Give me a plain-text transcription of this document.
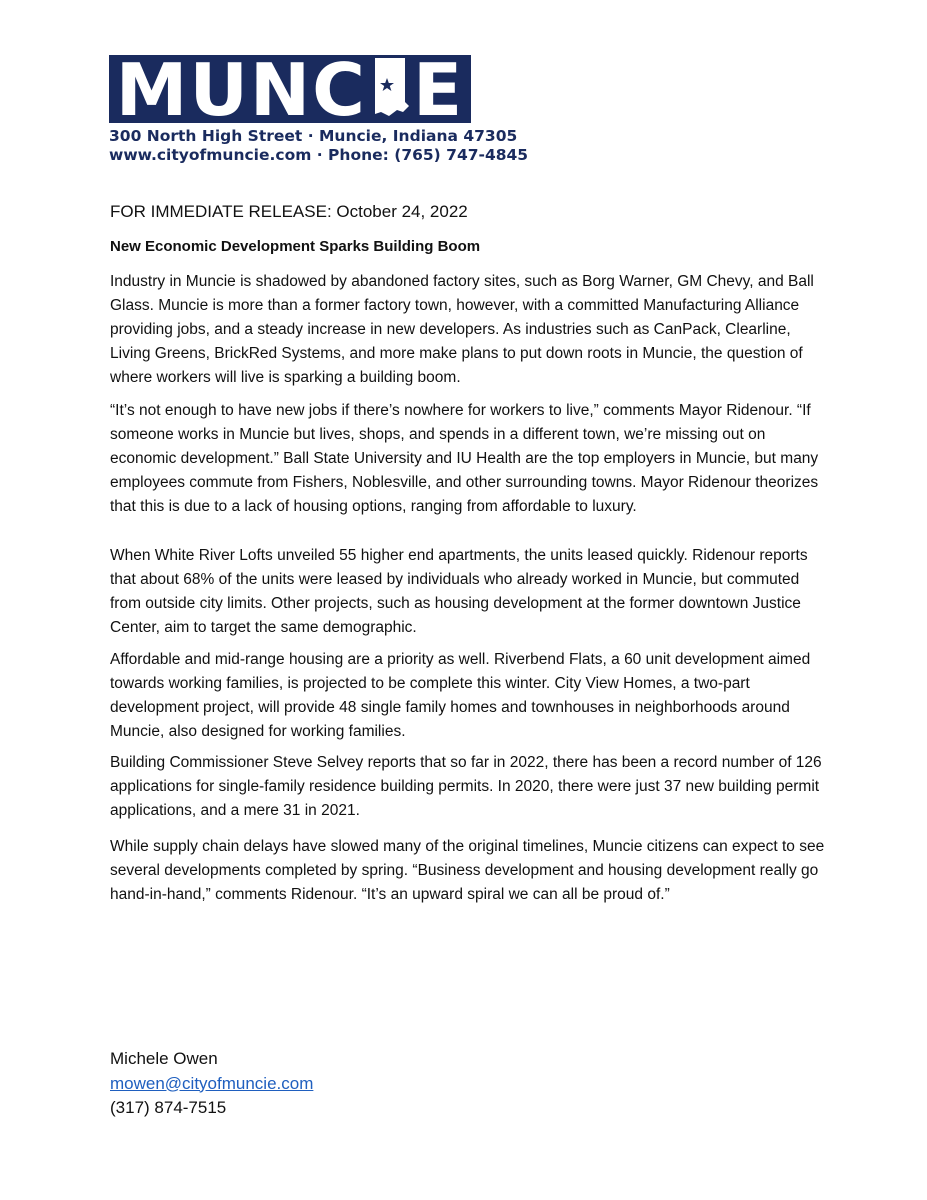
MUNC E
300 North High Street · Muncie, Indiana 47305
www.cityofmuncie.com · Phone: (765) 747-4845

FOR IMMEDIATE RELEASE: October 24, 2022

New Economic Development Sparks Building Boom

Industry in Muncie is shadowed by abandoned factory sites, such as Borg Warner, GM Chevy, and Ball Glass. Muncie is more than a former factory town, however, with a committed Manufacturing Alliance providing jobs, and a steady increase in new developers. As industries such as CanPack, Clearline, Living Greens, BrickRed Systems, and more make plans to put down roots in Muncie, the question of where workers will live is sparking a building boom.

“It’s not enough to have new jobs if there’s nowhere for workers to live,” comments Mayor Ridenour. “If someone works in Muncie but lives, shops, and spends in a different town, we’re missing out on economic development.” Ball State University and IU Health are the top employers in Muncie, but many employees commute from Fishers, Noblesville, and other surrounding towns. Mayor Ridenour theorizes that this is due to a lack of housing options, ranging from affordable to luxury.

When White River Lofts unveiled 55 higher end apartments, the units leased quickly. Ridenour reports that about 68% of the units were leased by individuals who already worked in Muncie, but commuted from outside city limits. Other projects, such as housing development at the former downtown Justice Center, aim to target the same demographic.

Affordable and mid-range housing are a priority as well. Riverbend Flats, a 60 unit development aimed towards working families, is projected to be complete this winter. City View Homes, a two-part development project, will provide 48 single family homes and townhouses in neighborhoods around Muncie, also designed for working families.

Building Commissioner Steve Selvey reports that so far in 2022, there has been a record number of 126 applications for single-family residence building permits. In 2020, there were just 37 new building permit applications, and a mere 31 in 2021.

While supply chain delays have slowed many of the original timelines, Muncie citizens can expect to see several developments completed by spring. “Business development and housing development really go hand-in-hand,” comments Ridenour. “It’s an upward spiral we can all be proud of.”

Michele Owen
mowen@cityofmuncie.com
(317) 874-7515
